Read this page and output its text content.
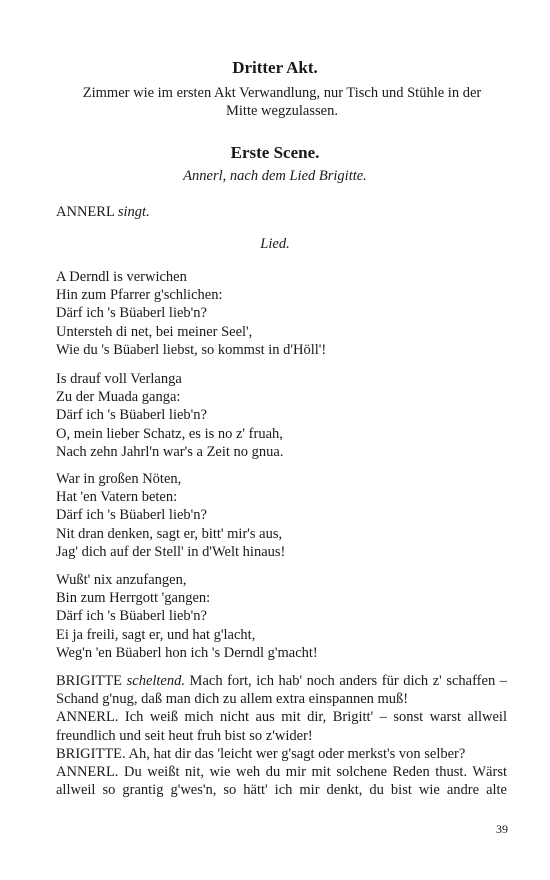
Dritter Akt.
Zimmer wie im ersten Akt Verwandlung, nur Tisch und Stühle in der
Mitte wegzulassen.
Erste Scene.
Annerl, nach dem Lied Brigitte.
ANNERL singt.
Lied.
A Derndl is verwichen
Hin zum Pfarrer g'schlichen:
Därf ich 's Büaberl lieb'n?
Untersteh di net, bei meiner Seel',
Wie du 's Büaberl liebst, so kommst in d'Höll'!
Is drauf voll Verlanga
Zu der Muada ganga:
Därf ich 's Büaberl lieb'n?
O, mein lieber Schatz, es is no z' fruah,
Nach zehn Jahrl'n war's a Zeit no gnua.
War in großen Nöten,
Hat 'en Vatern beten:
Därf ich 's Büaberl lieb'n?
Nit dran denken, sagt er, bitt' mir's aus,
Jag' dich auf der Stell' in d'Welt hinaus!
Wußt' nix anzufangen,
Bin zum Herrgott 'gangen:
Därf ich 's Büaberl lieb'n?
Ei ja freili, sagt er, und hat g'lacht,
Weg'n 'en Büaberl hon ich 's Derndl g'macht!

BRIGITTE scheltend. Mach fort, ich hab' noch anders für dich z' schaffen – Schand g'nug, daß man dich zu allem extra einspannen muß!

ANNERL. Ich weiß mich nicht aus mit dir, Brigitt' – sonst warst allweil freundlich und seit heut fruh bist so z'wider!

BRIGITTE. Ah, hat dir das 'leicht wer g'sagt oder merkst's von selber?

ANNERL. Du weißt nit, wie weh du mir mit solchene Reden thust. Wärst allweil so grantig g'wes'n, so hätt' ich mir denkt, du bist wie andre alte

39
